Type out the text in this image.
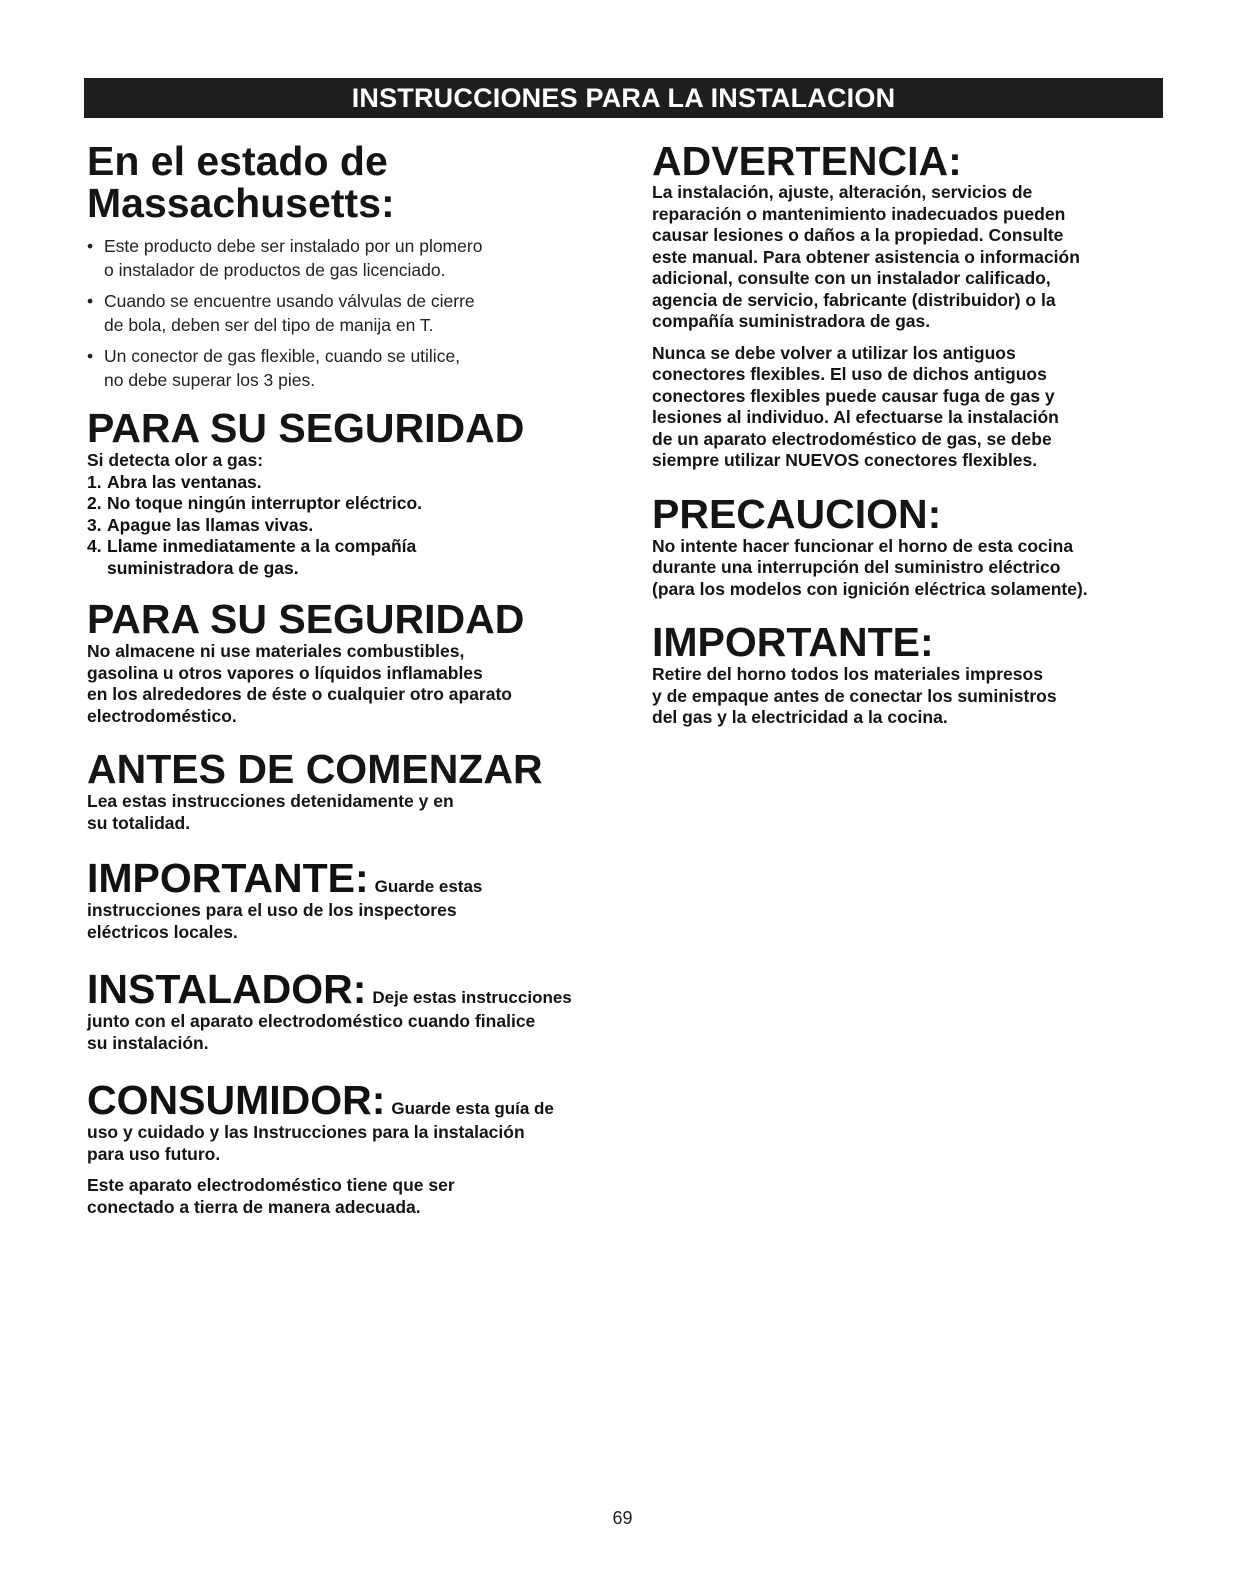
INSTRUCCIONES PARA LA INSTALACION
En el estado de
Massachusetts:
• Este producto debe ser instalado por un plomero
o instalador de productos de gas licenciado.
• Cuando se encuentre usando válvulas de cierre
de bola, deben ser del tipo de manija en T.
• Un conector de gas flexible, cuando se utilice,
no debe superar los 3 pies.
PARA SU SEGURIDAD
Si detecta olor a gas:
1. Abra las ventanas.
2. No toque ningún interruptor eléctrico.
3. Apague las llamas vivas.
4. Llame inmediatamente a la compañía
suministradora de gas.
PARA SU SEGURIDAD
No almacene ni use materiales combustibles,
gasolina u otros vapores o líquidos inflamables
en los alrededores de éste o cualquier otro aparato
electrodoméstico.
ANTES DE COMENZAR
Lea estas instrucciones detenidamente y en
su totalidad.
IMPORTANTE: Guarde estas
instrucciones para el uso de los inspectores
eléctricos locales.
INSTALADOR: Deje estas instrucciones
junto con el aparato electrodoméstico cuando finalice
su instalación.
CONSUMIDOR: Guarde esta guía de
uso y cuidado y las Instrucciones para la instalación
para uso futuro.
Este aparato electrodoméstico tiene que ser
conectado a tierra de manera adecuada.
ADVERTENCIA:
La instalación, ajuste, alteración, servicios de
reparación o mantenimiento inadecuados pueden
causar lesiones o daños a la propiedad. Consulte
este manual. Para obtener asistencia o información
adicional, consulte con un instalador calificado,
agencia de servicio, fabricante (distribuidor) o la
compañía suministradora de gas.
Nunca se debe volver a utilizar los antiguos
conectores flexibles. El uso de dichos antiguos
conectores flexibles puede causar fuga de gas y
lesiones al individuo. Al efectuarse la instalación
de un aparato electrodoméstico de gas, se debe
siempre utilizar NUEVOS conectores flexibles.
PRECAUCION:
No intente hacer funcionar el horno de esta cocina
durante una interrupción del suministro eléctrico
(para los modelos con ignición eléctrica solamente).
IMPORTANTE:
Retire del horno todos los materiales impresos
y de empaque antes de conectar los suministros
del gas y la electricidad a la cocina.
69
